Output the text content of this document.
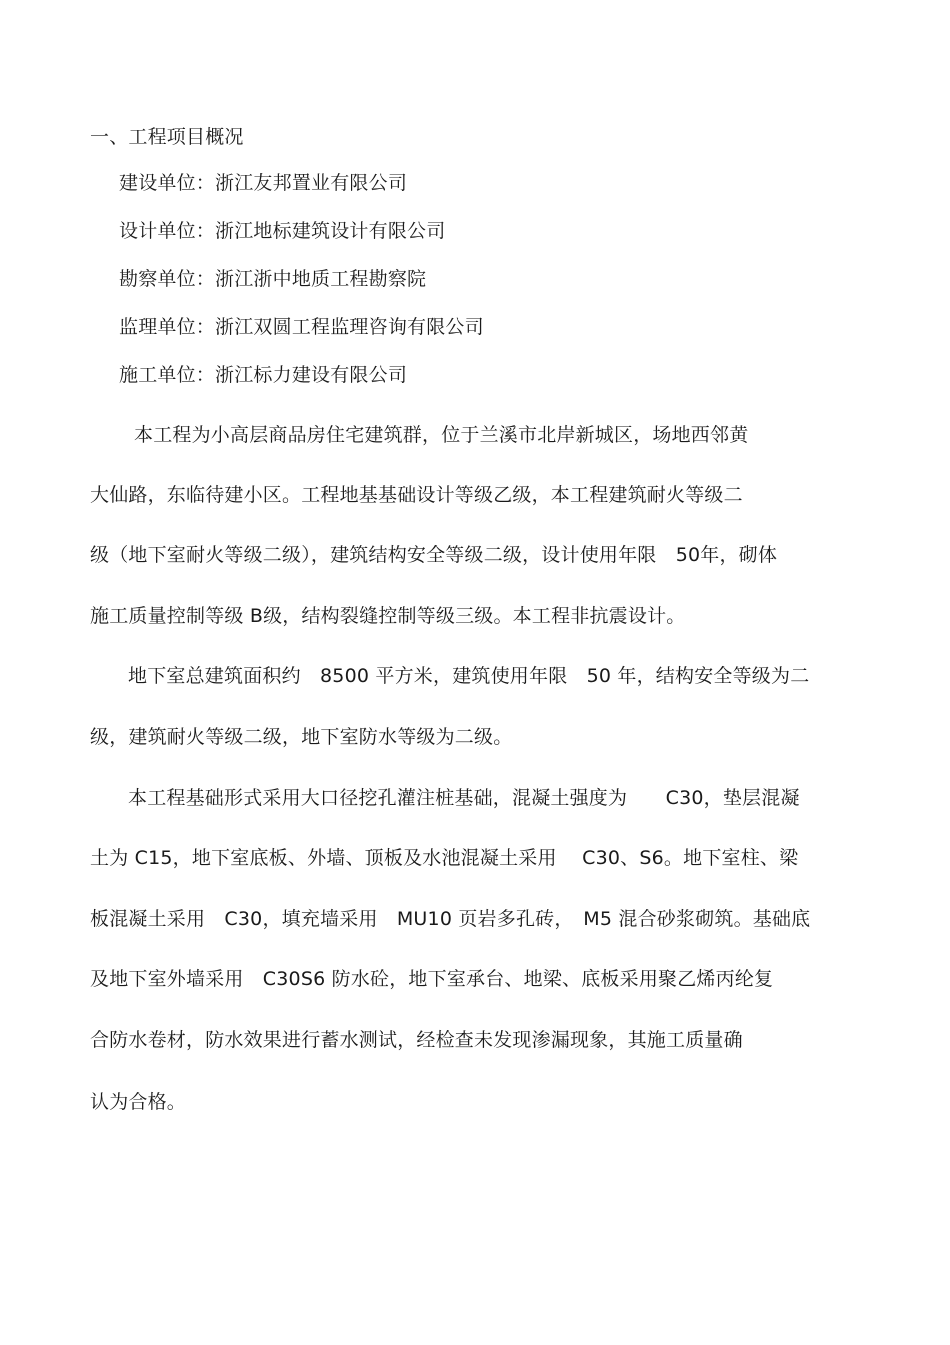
一、工程项目概况
建设单位：浙江友邦置业有限公司
设计单位：浙江地标建筑设计有限公司
勘察单位：浙江浙中地质工程勘察院
监理单位：浙江双圆工程监理咨询有限公司
施工单位：浙江标力建设有限公司
本工程为小高层商品房住宅建筑群，位于兰溪市北岸新城区，场地西邻黄
大仙路，东临待建小区。工程地基基础设计等级乙级，本工程建筑耐火等级二
级（地下室耐火等级二级），建筑结构安全等级二级，设计使用年限　50年，砌体
施工质量控制等级 B级，结构裂缝控制等级三级。本工程非抗震设计。
地下室总建筑面积约　8500 平方米，建筑使用年限　50 年，结构安全等级为二
级，建筑耐火等级二级，地下室防水等级为二级。
本工程基础形式采用大口径挖孔灌注桩基础，混凝土强度为　　C30，垫层混凝
土为 C15，地下室底板、外墙、顶板及水池混凝土采用　 C30、S6。地下室柱、梁
板混凝土采用　C30，填充墙采用　MU10 页岩多孔砖，　M5 混合砂浆砌筑。基础底
及地下室外墙采用　C30S6 防水砼，地下室承台、地梁、底板采用聚乙烯丙纶复
合防水卷材，防水效果进行蓄水测试，经检查未发现渗漏现象，其施工质量确
认为合格。
